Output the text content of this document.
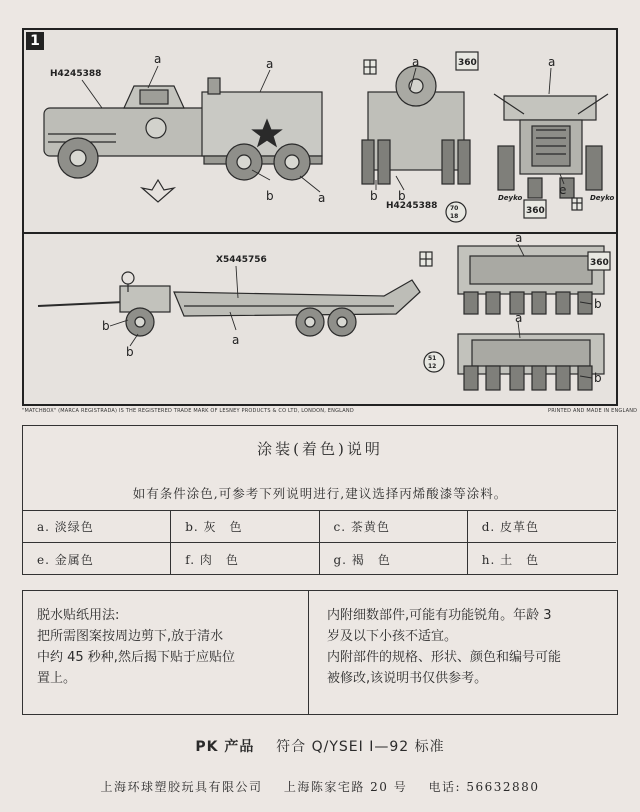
1
H4245388
H4245388
X5445756
a	a
b	a
a
b b
a
e
a
b
b
a
b
a
b
360
360
360
70
18
51
12
Deyko	Deyko
"MATCHBOX" (MARCA REGISTRADA) IS THE REGISTERED TRADE MARK OF LESNEY PRODUCTS & CO LTD, LONDON, ENGLAND	PRINTED AND MADE IN ENGLAND
涂装(着色)说明
如有条件涂色,可参考下列说明进行,建议选择丙烯酸漆等涂料。
a. 淡绿色	b. 灰　色	c. 茶黄色	d. 皮革色
e. 金属色	f. 肉　色	g. 褐　色	h. 土　色
脱水贴纸用法:
把所需图案按周边剪下,放于清水
中约 45 秒种,然后揭下贴于应贴位
置上。
内附细数部件,可能有功能锐角。年龄 3
岁及以下小孩不适宜。
内附部件的规格、形状、颜色和编号可能
被修改,该说明书仅供参考。
PK 产品 符合 Q/YSEI I—92 标准
上海环球塑胶玩具有限公司 上海陈家宅路 20 号 电话: 56632880
